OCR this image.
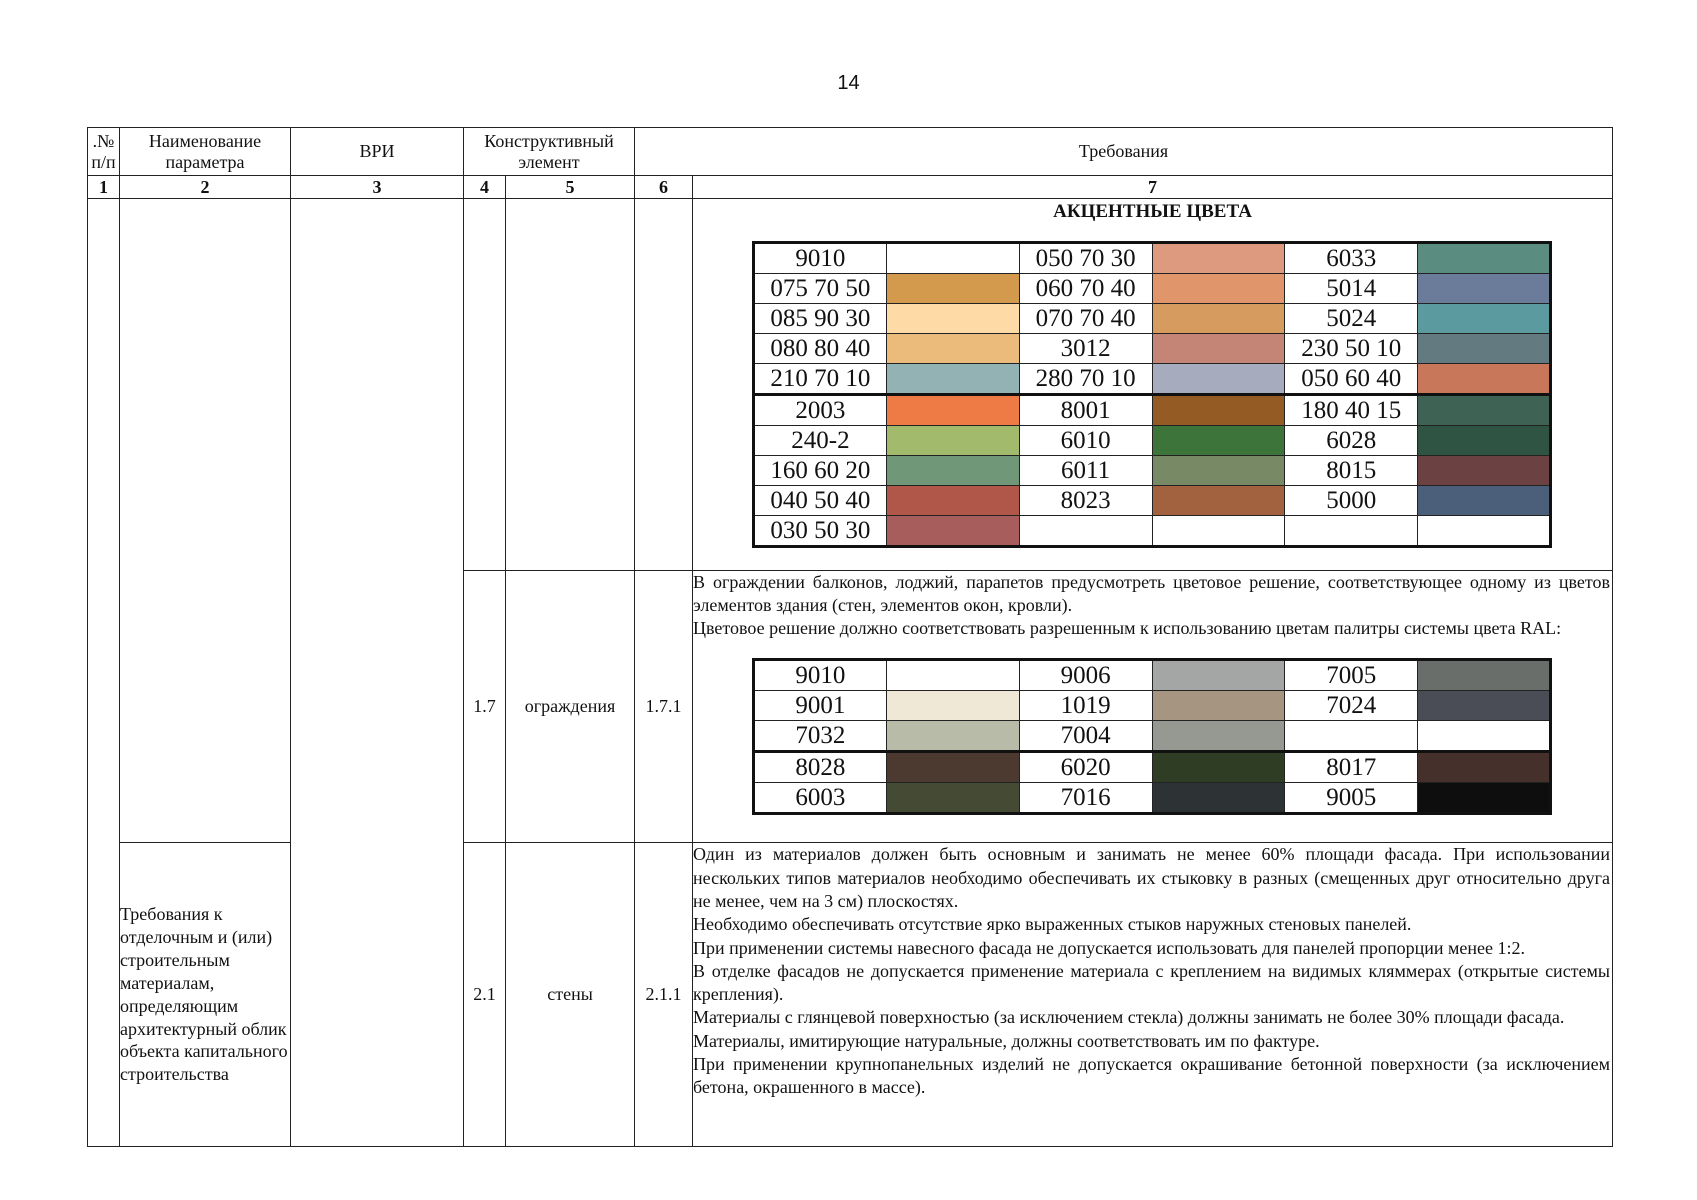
14
.№ п/п	Наименование параметра	ВРИ	Конструктивный элемент	Требования
1	2	3	4	5	6	7

АКЦЕНТНЫЕ ЦВЕТА
9010		050 70 30		6033	
075 70 50		060 70 40		5014	
085 90 30		070 70 40		5024	
080 80 40		3012		230 50 10	
210 70 10		280 70 10		050 60 40	
2003		8001		180 40 15	
240-2		6010		6028	
160 60 20		6011		8015	
040 50 40		8023		5000	
030 50 30					

1.7	ограждения	1.7.1	

В ограждении балконов, лоджий, парапетов предусмотреть цветовое решение, соответствующее одному из цветов элементов здания (стен, элементов окон, кровли).

Цветовое решение должно соответствовать разрешенным к использованию цветам палитры системы цвета RAL:

9010		9006		7005	
9001		1019		7024	
7032		7004			
8028		6020		8017	
6003		7016		9005	

Требования к отделочным и (или) строительным материалам, определяющим архитектурный облик объекта капитального строительства
	2.1	стены	2.1.1	

Один из материалов должен быть основным и занимать не менее 60% площади фасада. При использовании нескольких типов материалов необходимо обеспечивать их стыковку в разных (смещенных друг относительно друга не менее, чем на 3 см) плоскостях.

Необходимо обеспечивать отсутствие ярко выраженных стыков наружных стеновых панелей.

При применении системы навесного фасада не допускается использовать для панелей пропорции менее 1:2.

В отделке фасадов не допускается применение материала с креплением на видимых кляммерах (открытые системы крепления).

Материалы с глянцевой поверхностью (за исключением стекла) должны занимать не более 30% площади фасада.

Материалы, имитирующие натуральные, должны соответствовать им по фактуре.

При применении крупнопанельных изделий не допускается окрашивание бетонной поверхности (за исключением бетона, окрашенного в массе).
